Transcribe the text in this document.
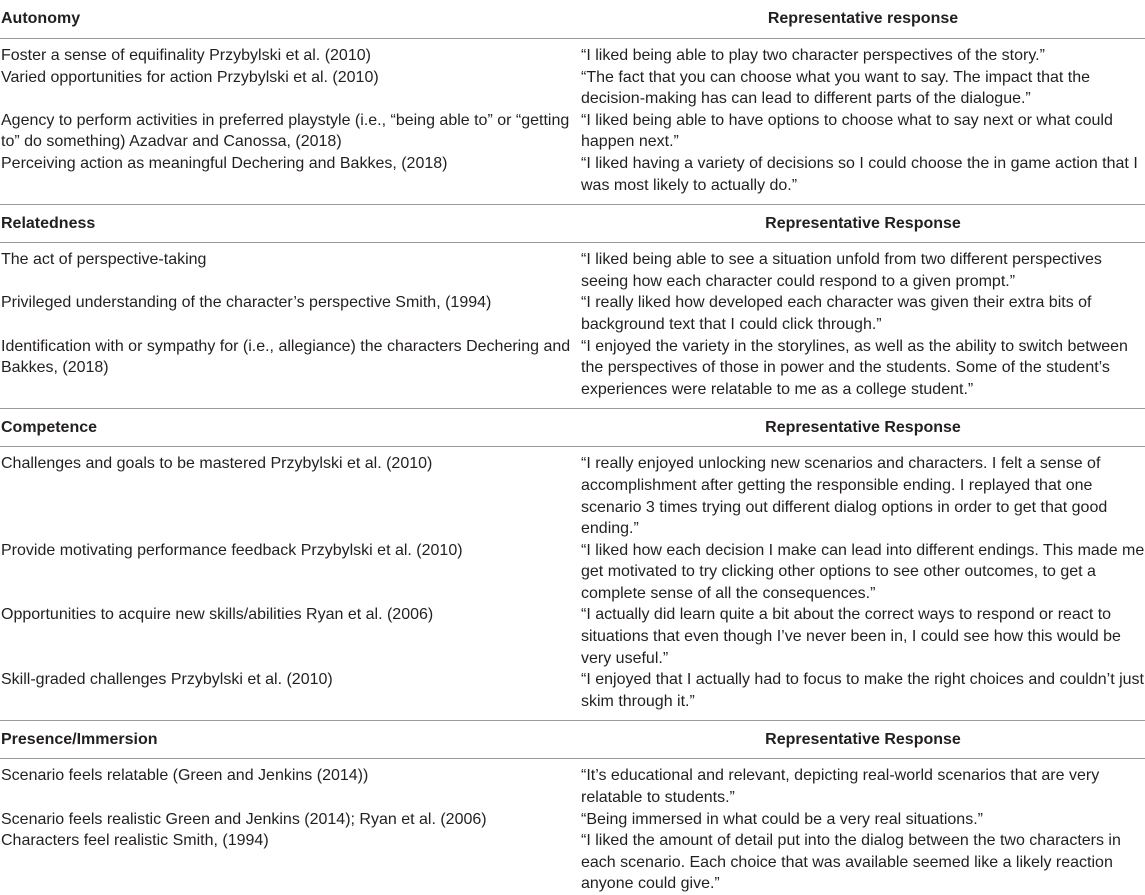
Autonomy	Representative response

Foster a sense of equifinality Przybylski et al. (2010)	“I liked being able to play two character perspectives of the story.”
Varied opportunities for action Przybylski et al. (2010)	“The fact that you can choose what you want to say. The impact that the decision-making has can lead to different parts of the dialogue.”
Agency to perform activities in preferred playstyle (i.e., “being able to” or “getting to” do something) Azadvar and Canossa, (2018)	“I liked being able to have options to choose what to say next or what could happen next.”
Perceiving action as meaningful Dechering and Bakkes, (2018)	“I liked having a variety of decisions so I could choose the in game action that I was most likely to actually do.”

Relatedness	Representative Response

The act of perspective-taking	“I liked being able to see a situation unfold from two different perspectives seeing how each character could respond to a given prompt.”
Privileged understanding of the character’s perspective Smith, (1994)	“I really liked how developed each character was given their extra bits of background text that I could click through.”
Identification with or sympathy for (i.e., allegiance) the characters Dechering and Bakkes, (2018)	“I enjoyed the variety in the storylines, as well as the ability to switch between the perspectives of those in power and the students. Some of the student’s experiences were relatable to me as a college student.”

Competence	Representative Response

Challenges and goals to be mastered Przybylski et al. (2010)	“I really enjoyed unlocking new scenarios and characters. I felt a sense of accomplishment after getting the responsible ending. I replayed that one scenario 3 times trying out different dialog options in order to get that good ending.”
Provide motivating performance feedback Przybylski et al. (2010)	“I liked how each decision I make can lead into different endings. This made me get motivated to try clicking other options to see other outcomes, to get a complete sense of all the consequences.”
Opportunities to acquire new skills/abilities Ryan et al. (2006)	“I actually did learn quite a bit about the correct ways to respond or react to situations that even though I’ve never been in, I could see how this would be very useful.”
Skill-graded challenges Przybylski et al. (2010)	“I enjoyed that I actually had to focus to make the right choices and couldn’t just skim through it.”

Presence/Immersion	Representative Response

Scenario feels relatable (Green and Jenkins (2014))	“It’s educational and relevant, depicting real-world scenarios that are very relatable to students.”
Scenario feels realistic Green and Jenkins (2014); Ryan et al. (2006)	“Being immersed in what could be a very real situations.”
Characters feel realistic Smith, (1994)	“I liked the amount of detail put into the dialog between the two characters in each scenario. Each choice that was available seemed like a likely reaction anyone could give.”
